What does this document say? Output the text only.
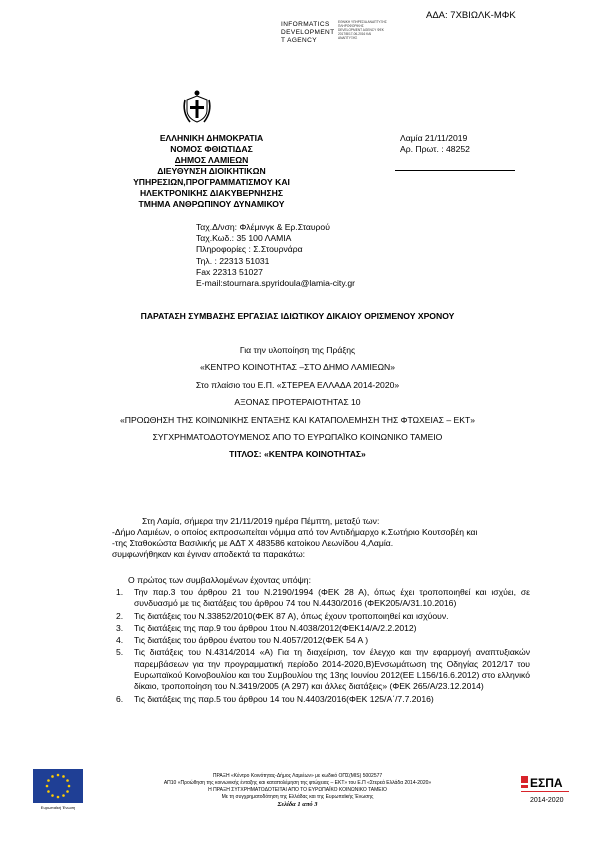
ΑΔΑ: 7ΧΒΙΩΛΚ-ΜΦΚ
INFORMATICS
DEVELOPMENT
T AGENCY
ΕΘΝΙΚΗ ΥΠΗΡΕΣΙΑ ΑΝΑΠΤΥΞΗΣ ΠΛΗΡΟΦΟΡΙΚΗΣ DEVELOPMENT AGENCY ΦΕΚ 2017/Β/17-06-2016 ΚΑΙ ΑΝΑΠΤΥΞΗΣ
ΕΛΛΗΝΙΚΗ ΔΗΜΟΚΡΑΤΙΑ
ΝΟΜΟΣ ΦΘΙΩΤΙΔΑΣ
ΔΗΜΟΣ ΛΑΜΙΕΩΝ
ΔΙΕΥΘΥΝΣΗ ΔΙΟΙΚΗΤΙΚΩΝ ΥΠΗΡΕΣΙΩΝ,ΠΡΟΓΡΑΜΜΑΤΙΣΜΟΥ ΚΑΙ ΗΛΕΚΤΡΟΝΙΚΗΣ ΔΙΑΚΥΒΕΡΝΗΣΗΣ
ΤΜΗΜΑ ΑΝΘΡΩΠΙΝΟΥ ΔΥΝΑΜΙΚΟΥ
Ταχ.Δ/νση: Φλέμινγκ & Ερ.Σταυρού
Ταχ.Κωδ.: 35 100 ΛΑΜΙΑ
Πληροφορίες : Σ.Στουρνάρα
Τηλ. : 22313 51031
Fax 22313 51027
E-mail:stournara.spyridoula@lamia-city.gr
Λαμία 21/11/2019
Αρ. Πρωτ. : 48252
ΠΑΡΑΤΑΣΗ ΣΥΜΒΑΣΗΣ ΕΡΓΑΣΙΑΣ ΙΔΙΩΤΙΚΟΥ ΔΙΚΑΙΟΥ ΟΡΙΣΜΕΝΟΥ ΧΡΟΝΟΥ
Για την υλοποίηση της Πράξης
«ΚΕΝΤΡΟ ΚΟΙΝΟΤΗΤΑΣ –ΣΤΟ ΔΗΜΟ ΛΑΜΙΕΩΝ»
Στο πλαίσιο του Ε.Π. «ΣΤΕΡΕΑ ΕΛΛΑΔΑ 2014-2020»
ΑΞΟΝΑΣ ΠΡΟΤΕΡΑΙΟΤΗΤΑΣ 10
«ΠΡΟΩΘΗΣΗ ΤΗΣ ΚΟΙΝΩΝΙΚΗΣ ΕΝΤΑΞΗΣ ΚΑΙ ΚΑΤΑΠΟΛΕΜΗΣΗ ΤΗΣ ΦΤΩΧΕΙΑΣ – ΕΚΤ»
ΣΥΓΧΡΗΜΑΤΟΔΟΤΟΥΜΕΝΟΣ ΑΠΟ ΤΟ ΕΥΡΩΠΑΪΚΟ ΚΟΙΝΩΝΙΚΟ ΤΑΜΕΙΟ
ΤΙΤΛΟΣ: «ΚΕΝΤΡΑ ΚΟΙΝΟΤΗΤΑΣ»
Στη Λαμία, σήμερα την 21/11/2019 ημέρα Πέμπτη, μεταξύ των:
-Δήμο Λαμιέων, ο οποίος εκπροσωπείται νόμιμα από τον Αντιδήμαρχο κ.Σωτήριο Κουτσοβέη και
-της Σταθοκώστα Βασιλικής με ΑΔΤ Χ 483586 κατοίκου Λεωνίδου 4,Λαμία.
συμφωνήθηκαν και έγιναν αποδεκτά τα παρακάτω:
Ο πρώτος των συμβαλλομένων έχοντας υπόψη:
1. Την παρ.3 του άρθρου 21 του Ν.2190/1994 (ΦΕΚ 28 Α), όπως έχει τροποποιηθεί και ισχύει, σε συνδυασμό με τις διατάξεις του άρθρου 74 του Ν.4430/2016 (ΦΕΚ205/Α/31.10.2016)
2. Τις διατάξεις του Ν.33852/2010(ΦΕΚ 87 Α), όπως έχουν τροποποιηθεί και ισχύουν.
3. Τις διατάξεις της παρ.9 του άρθρου 1του Ν.4038/2012(ΦΕΚ14/Α/2.2.2012)
4. Τις διατάξεις του άρθρου ένατου του Ν.4057/2012(ΦΕΚ 54 Α )
5. Τις διατάξεις του Ν.4314/2014 «Α) Για τη διαχείριση, τον έλεγχο και την εφαρμογή αναπτυξιακών παρεμβάσεων για την προγραμματική περίοδο 2014-2020,Β)Ενσωμάτωση της Οδηγίας 2012/17 του Ευρωπαϊκού Κοινοβουλίου και του Συμβουλίου της 13ης Ιουνίου 2012(ΕΕ L156/16.6.2012) στο ελληνικό δίκαιο, τροποποίηση του Ν.3419/2005 (Α 297) και άλλες διατάξεις» (ΦΕΚ 265/Α/23.12.2014)
6. Τις διατάξεις της παρ.5 του άρθρου 14 του Ν.4403/2016(ΦΕΚ 125/Α΄/7.7.2016)
Ευρωπαϊκή Ένωση
ΠΡΑΞΗ «Κέντρο Κοινότητας-Δήμος Λαμιέων» με κωδικό ΟΠΣ(ΜΙS) 5002577
ΑΠ10 «Προώθηση της κοινωνικής ένταξης και καταπολέμηση της φτώχειας – ΕΚΤ» του Ε.Π «Στερεά Ελλάδα 2014-2020»
Η ΠΡΑΞΗ ΣΥΓΧΡΗΜΑΤΟΔΟΤΕΙΤΑΙ ΑΠΟ ΤΟ ΕΥΡΩΠΑΪΚΟ ΚΟΙΝΩΝΙΚΟ ΤΑΜΕΙΟ
Με τη συγχρηματοδότηση της Ελλάδας και της Ευρωπαϊκής Ένωσης
Σελίδα 1 από 3
ΕΣΠΑ
2014-2020
